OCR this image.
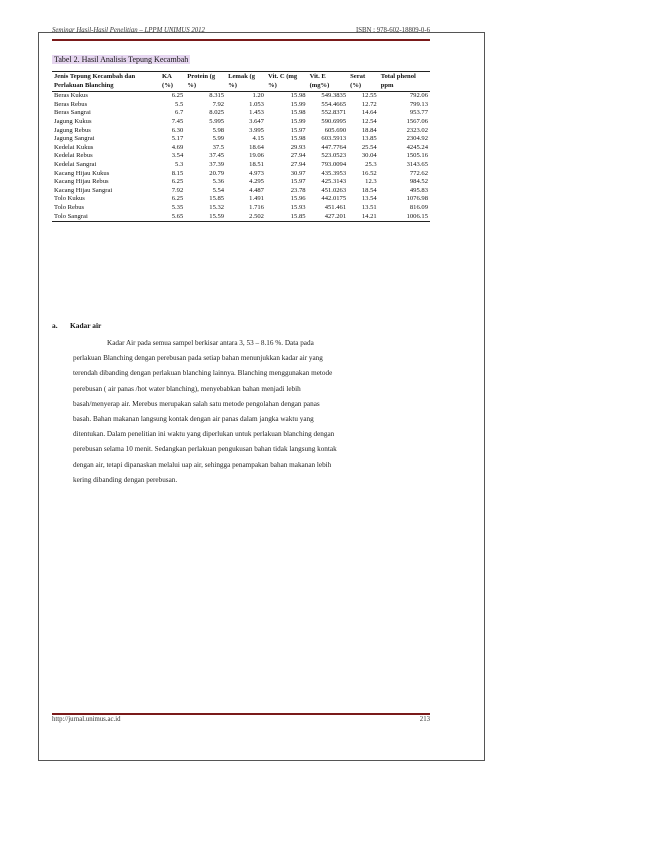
Seminar Hasil-Hasil Penelitian – LPPM UNIMUS 2012	ISBN : 978-602-18809-0-6
Tabel 2. Hasil Analisis Tepung Kecambah
Jenis Tepung Kecambah dan Perlakuan Blanching	KA (%)	Protein (g %)	Lemak (g %)	Vit. C (mg %)	Vit. E (mg%)	Serat (%)	Total phenol ppm
Beras Kukus	6.25	8.315	1.20	15.98	549.3835	12.55	792.06
Beras Rebus	5.5	7.92	1.053	15.99	554.4665	12.72	799.13
Beras Sangrai	6.7	8.025	1.453	15.98	552.8371	14.64	953.77
Jagung Kukus	7.45	5.995	3.647	15.99	590.6995	12.54	1567.06
Jagung Rebus	6.30	5.98	3.995	15.97	605.690	18.84	2323.02
Jagung Sangrai	5.17	5.99	4.15	15.98	603.5913	13.85	2304.92
Kedelai Kukus	4.69	37.5	18.64	29.93	447.7764	25.54	4245.24
Kedelai Rebus	3.54	37.45	19.06	27.94	523.0523	30.04	1505.16
Kedelai Sangrai	5.3	37.39	18.51	27.94	793.0094	25.3	3143.65
Kacang Hijau Kukus	8.15	20.79	4.973	30.97	435.3953	16.52	772.62
Kacang Hijau Rebus	6.25	5.36	4.295	15.97	425.3143	12.3	984.52
Kacang Hijau Sangrai	7.92	5.54	4.487	23.78	451.0263	18.54	495.83
Tolo Kukus	6.25	15.85	1.491	15.96	442.0175	13.54	1076.98
Tolo Rebus	5.35	15.32	1.716	15.93	451.461	13.51	816.09
Tolo Sangrai	5.65	15.59	2.502	15.85	427.201	14.21	1006.15
a. Kadar air
Kadar Air pada semua sampel berkisar antara 3, 53 – 8.16 %. Data pada
perlakuan Blanching dengan perebusan pada setiap bahan menunjukkan kadar air yang
terendah dibanding dengan perlakuan blanching lainnya. Blanching menggunakan metode
perebusan ( air panas /hot water blanching), menyebabkan bahan menjadi lebih
basah/menyerap air. Merebus merupakan salah satu metode pengolahan dengan panas
basah. Bahan makanan langsung kontak dengan air panas dalam jangka waktu yang
ditentukan. Dalam penelitian ini waktu yang diperlukan untuk perlakuan blanching dengan
perebusan selama 10 menit. Sedangkan perlakuan pengukusan bahan tidak langsung kontak
dengan air, tetapi dipanaskan melalui uap air, sehingga penampakan bahan makanan lebih
kering dibanding dengan perebusan.
http://jurnal.unimus.ac.id	213
